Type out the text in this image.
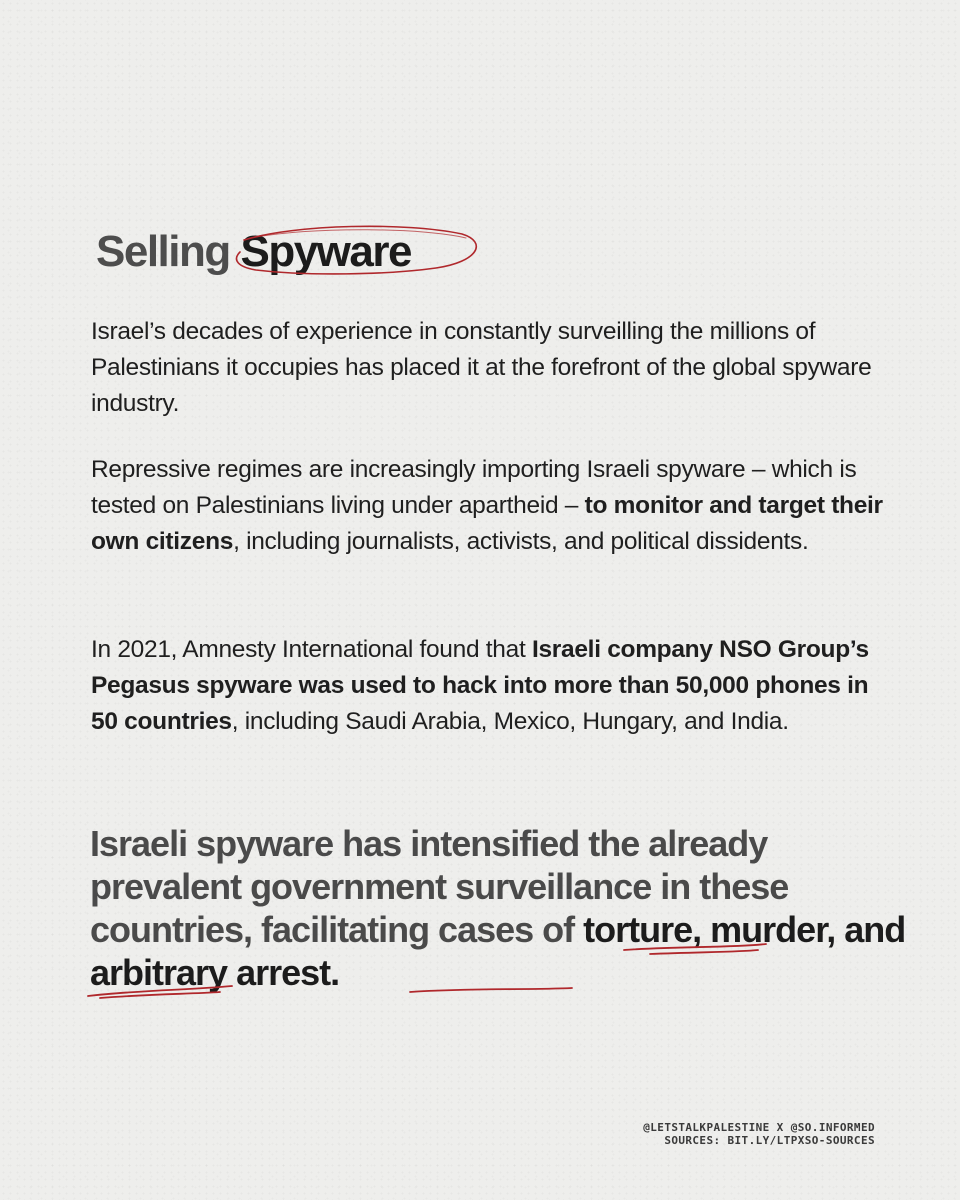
Selling Spyware

Israel’s decades of experience in constantly surveilling the millions of Palestinians it occupies has placed it at the forefront of the global spyware industry.

Repressive regimes are increasingly importing Israeli spyware – which is tested on Palestinians living under apartheid – to monitor and target their own citizens, including journalists, activists, and political dissidents.

In 2021, Amnesty International found that Israeli company NSO Group’s Pegasus spyware was used to hack into more than 50,000 phones in 50 countries, including Saudi Arabia, Mexico, Hungary, and India.

Israeli spyware has intensified the already prevalent government surveillance in these countries, facilitating cases of torture, murder, and arbitrary arrest.

@LETSTALKPALESTINE X @SO.INFORMED
SOURCES: BIT.LY/LTPXSO-SOURCES
